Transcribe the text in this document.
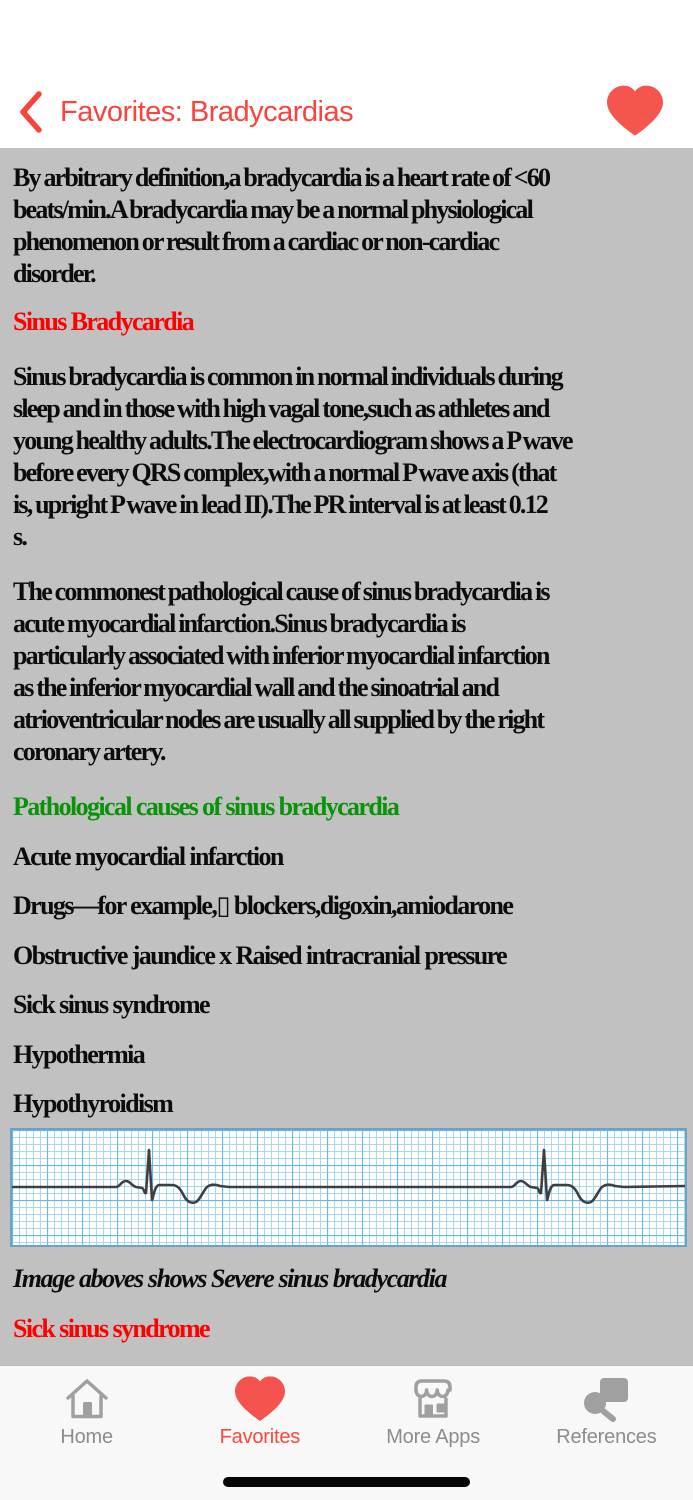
Favorites: Bradycardias
By arbitrary definition,a bradycardia is a heart rate of <60
beats/min.A bradycardia may be a normal physiological
phenomenon or result from a cardiac or non-cardiac
disorder.
Sinus Bradycardia
Sinus bradycardia is common in normal individuals during
sleep and in those with high vagal tone,such as athletes and
young healthy adults.The electrocardiogram shows a P wave
before every QRS complex,with a normal P wave axis (that
is, upright P wave in lead II).The PR interval is at least 0.12
s.
The commonest pathological cause of sinus bradycardia is
acute myocardial infarction.Sinus bradycardia is
particularly associated with inferior myocardial infarction
as the inferior myocardial wall and the sinoatrial and
atrioventricular nodes are usually all supplied by the right
coronary artery.
Pathological causes of sinus bradycardia
Acute myocardial infarction
Drugs—for example,▯ blockers,digoxin,amiodarone
Obstructive jaundice x Raised intracranial pressure
Sick sinus syndrome
Hypothermia
Hypothyroidism
Image aboves shows Severe sinus bradycardia
Sick sinus syndrome
Home	Favorites	More Apps	References
